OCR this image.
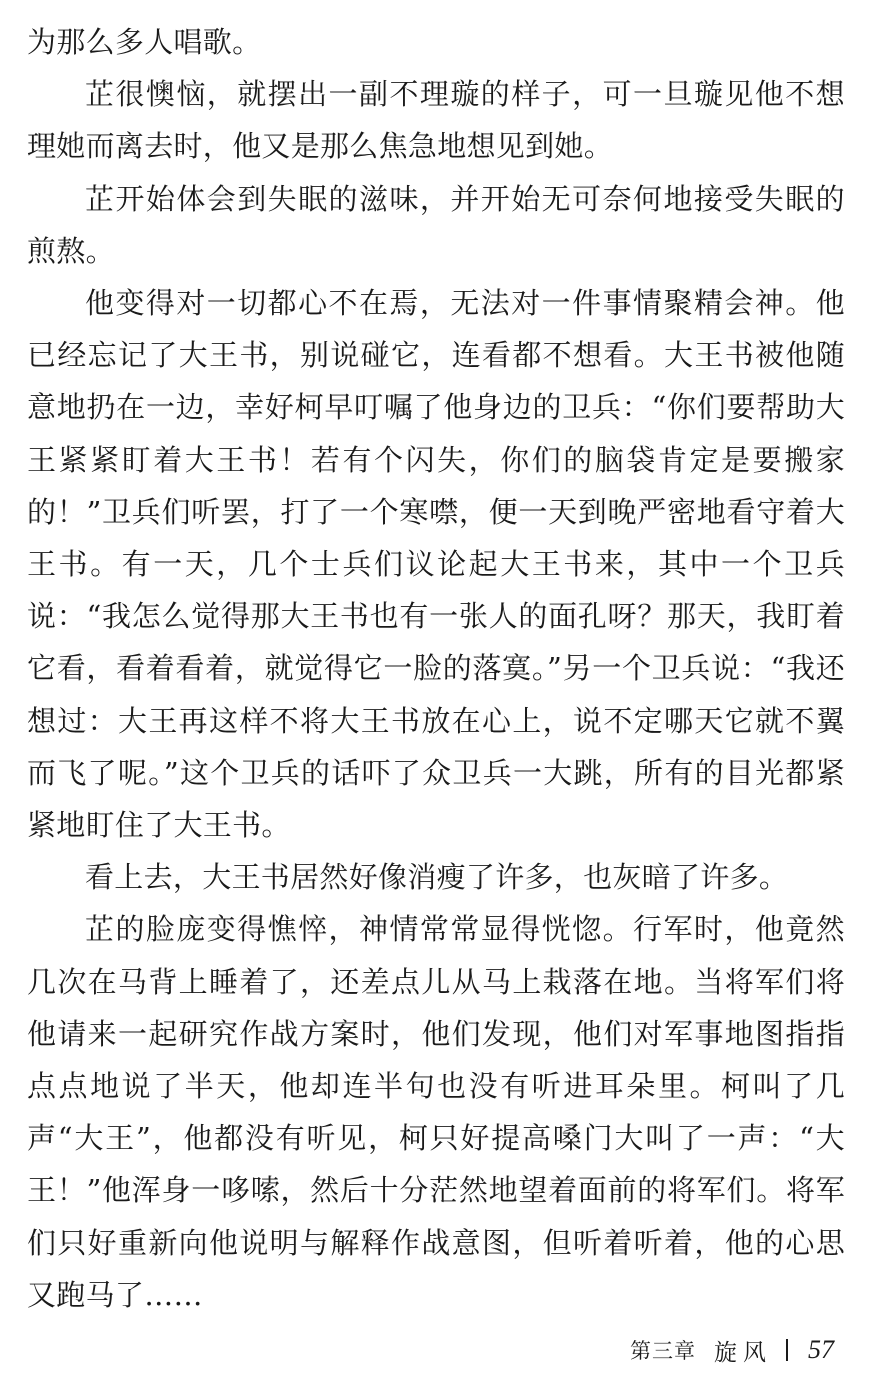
为那么多人唱歌。

芷很懊恼，就摆出一副不理璇的样子，可一旦璇见他不想理她而离去时，他又是那么焦急地想见到她。

芷开始体会到失眠的滋味，并开始无可奈何地接受失眠的煎熬。

他变得对一切都心不在焉，无法对一件事情聚精会神。他已经忘记了大王书，别说碰它，连看都不想看。大王书被他随意地扔在一边，幸好柯早叮嘱了他身边的卫兵：“你们要帮助大王紧紧盯着大王书！若有个闪失，你们的脑袋肯定是要搬家的！”卫兵们听罢，打了一个寒噤，便一天到晚严密地看守着大王书。有一天，几个士兵们议论起大王书来，其中一个卫兵说：“我怎么觉得那大王书也有一张人的面孔呀？那天，我盯着它看，看着看着，就觉得它一脸的落寞。”另一个卫兵说：“我还想过：大王再这样不将大王书放在心上，说不定哪天它就不翼而飞了呢。”这个卫兵的话吓了众卫兵一大跳，所有的目光都紧紧地盯住了大王书。

看上去，大王书居然好像消瘦了许多，也灰暗了许多。

芷的脸庞变得憔悴，神情常常显得恍惚。行军时，他竟然几次在马背上睡着了，还差点儿从马上栽落在地。当将军们将他请来一起研究作战方案时，他们发现，他们对军事地图指指点点地说了半天，他却连半句也没有听进耳朵里。柯叫了几声“大王”，他都没有听见，柯只好提高嗓门大叫了一声：“大王！”他浑身一哆嗦，然后十分茫然地望着面前的将军们。将军们只好重新向他说明与解释作战意图，但听着听着，他的心思又跑马了……

第三章 旋风 57
